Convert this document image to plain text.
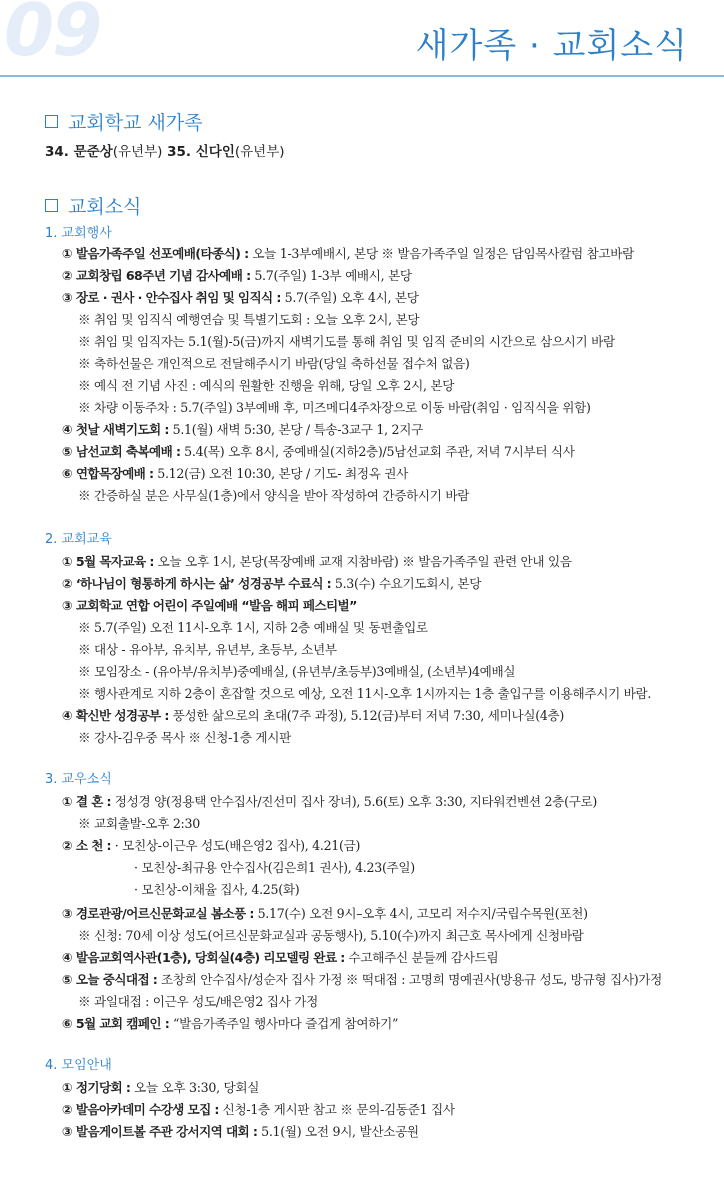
09	새가족 · 교회소식
교회학교 새가족
34. 문준상(유년부) 35. 신다인(유년부)
교회소식
1. 교회행사
① 발음가족주일 선포예배(타종식) : 오늘 1-3부예배시, 본당 ※ 발음가족주일 일정은 담임목사칼럼 참고바람
② 교회창립 68주년 기념 감사예배 : 5.7(주일) 1-3부 예배시, 본당
③ 장로 · 권사 · 안수집사 취임 및 임직식 : 5.7(주일) 오후 4시, 본당
※ 취임 및 임직식 예행연습 및 특별기도회 : 오늘 오후 2시, 본당
※ 취임 및 임직자는 5.1(월)-5(금)까지 새벽기도를 통해 취임 및 임직 준비의 시간으로 삼으시기 바람
※ 축하선물은 개인적으로 전달해주시기 바람(당일 축하선물 접수처 없음)
※ 예식 전 기념 사진 : 예식의 원활한 진행을 위해, 당일 오후 2시, 본당
※ 차량 이동주차 : 5.7(주일) 3부예배 후, 미즈메디4주차장으로 이동 바람(취임 · 임직식을 위함)
④ 첫날 새벽기도회 : 5.1(월) 새벽 5:30, 본당 / 특송-3교구 1, 2지구
⑤ 남선교회 축복예배 : 5.4(목) 오후 8시, 중예배실(지하2층)/5남선교회 주관, 저녁 7시부터 식사
⑥ 연합목장예배 : 5.12(금) 오전 10:30, 본당 / 기도- 최정옥 권사
※ 간증하실 분은 사무실(1층)에서 양식을 받아 작성하여 간증하시기 바람
2. 교회교육
① 5월 목자교육 : 오늘 오후 1시, 본당(목장예배 교재 지참바람) ※ 발음가족주일 관련 안내 있음
② ‘하나님이 형통하게 하시는 삶’ 성경공부 수료식 : 5.3(수) 수요기도회시, 본당
③ 교회학교 연합 어린이 주일예배 “발음 해피 페스티벌”
※ 5.7(주일) 오전 11시-오후 1시, 지하 2층 예배실 및 동편출입로
※ 대상 - 유아부, 유치부, 유년부, 초등부, 소년부
※ 모임장소 - (유아부/유치부)중예배실, (유년부/초등부)3예배실, (소년부)4예배실
※ 행사관계로 지하 2층이 혼잡할 것으로 예상, 오전 11시-오후 1시까지는 1층 출입구를 이용해주시기 바람.
④ 확신반 성경공부 : 풍성한 삶으로의 초대(7주 과정), 5.12(금)부터 저녁 7:30, 세미나실(4층)
※ 강사-김우중 목사 ※ 신청-1층 게시판
3. 교우소식
① 결 혼 : 정성경 양(정용택 안수집사/진선미 집사 장녀), 5.6(토) 오후 3:30, 지타워컨벤션 2층(구로)
※ 교회출발-오후 2:30
② 소 천 : · 모친상-이근우 성도(배은영2 집사), 4.21(금)
· 모친상-최규용 안수집사(김은희1 권사), 4.23(주일)
· 모친상-이채율 집사, 4.25(화)
③ 경로관광/어르신문화교실 봄소풍 : 5.17(수) 오전 9시–오후 4시, 고모리 저수지/국립수목원(포천)
※ 신청: 70세 이상 성도(어르신문화교실과 공동행사), 5.10(수)까지 최근호 목사에게 신청바람
④ 발음교회역사관(1층), 당회실(4층) 리모델링 완료 : 수고해주신 분들께 감사드림
⑤ 오늘 중식대접 : 조창희 안수집사/성순자 집사 가정 ※ 떡대접 : 고명희 명예권사(방용규 성도, 방규형 집사)가정
※ 과일대접 : 이근우 성도/배은영2 집사 가정
⑥ 5월 교회 캠페인 : “발음가족주일 행사마다 즐겁게 참여하기”
4. 모임안내
① 정기당회 : 오늘 오후 3:30, 당회실
② 발음아카데미 수강생 모집 : 신청-1층 게시판 참고 ※ 문의-김동준1 집사
③ 발음게이트볼 주관 강서지역 대회 : 5.1(월) 오전 9시, 발산소공원
